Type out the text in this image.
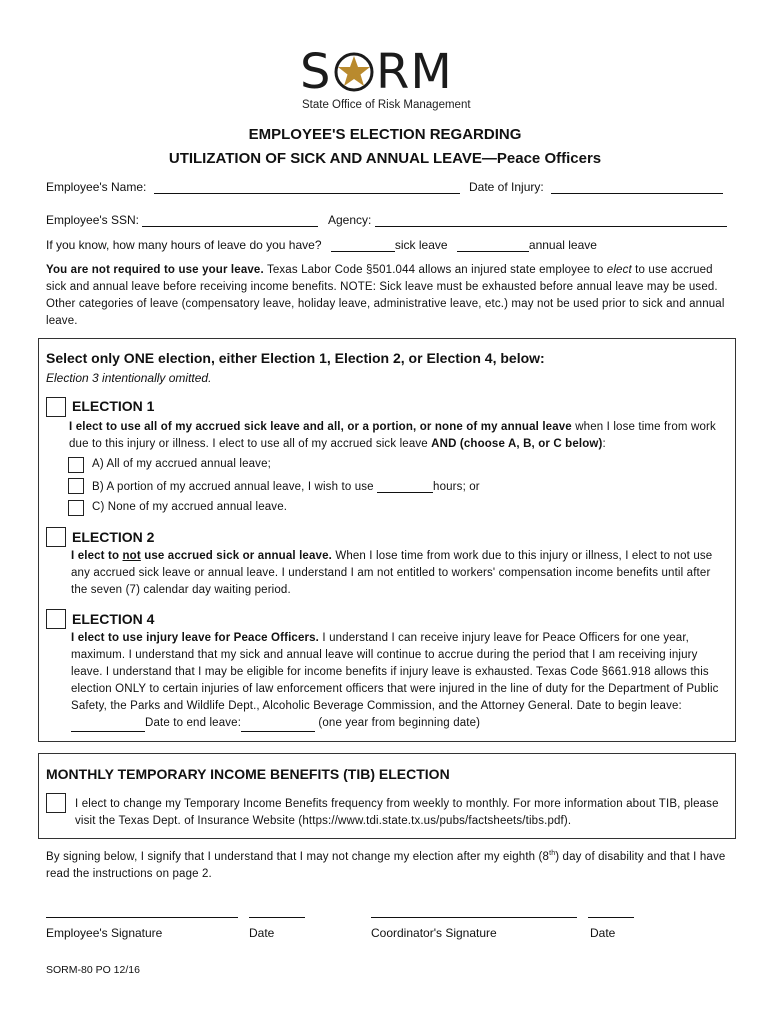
S RM
State Office of Risk Management
EMPLOYEE'S ELECTION REGARDING
UTILIZATION OF SICK AND ANNUAL LEAVE—Peace Officers
Employee's Name:	Date of Injury:
Employee's SSN:	Agency:
If you know, how many hours of leave do you have?	sick leave	annual leave

You are not required to use your leave. Texas Labor Code §501.044 allows an injured state employee to elect to use accrued sick and annual leave before receiving income benefits. NOTE: Sick leave must be exhausted before annual leave may be used. Other categories of leave (compensatory leave, holiday leave, administrative leave, etc.) may not be used prior to sick and annual leave.

Select only ONE election, either Election 1, Election 2, or Election 4, below:
Election 3 intentionally omitted.
ELECTION 1

I elect to use all of my accrued sick leave and all, or a portion, or none of my annual leave when I lose time from work due to this injury or illness. I elect to use all of my accrued sick leave AND (choose A, B, or C below):

A) All of my accrued annual leave;
B) A portion of my accrued annual leave, I wish to use	hours; or
C) None of my accrued annual leave.
ELECTION 2

I elect to not use accrued sick or annual leave. When I lose time from work due to this injury or illness, I elect to not use any accrued sick leave or annual leave. I understand I am not entitled to workers' compensation income benefits until after the seven (7) calendar day waiting period.

ELECTION 4

I elect to use injury leave for Peace Officers. I understand I can receive injury leave for Peace Officers for one year, maximum. I understand that my sick and annual leave will continue to accrue during the period that I am receiving injury leave. I understand that I may be eligible for income benefits if injury leave is exhausted. Texas Code §661.918 allows this election ONLY to certain injuries of law enforcement officers that were injured in the line of duty for the Department of Public Safety, the Parks and Wildlife Dept., Alcoholic Beverage Commission, and the Attorney General. Date to begin leave:Date to end leave:	(one year from beginning date)

MONTHLY TEMPORARY INCOME BENEFITS (TIB) ELECTION

I elect to change my Temporary Income Benefits frequency from weekly to monthly. For more information about TIB, please visit the Texas Dept. of Insurance Website (https://www.tdi.state.tx.us/pubs/factsheets/tibs.pdf).

By signing below, I signify that I understand that I may not change my election after my eighth (8th) day of disability and that I have read the instructions on page 2.

Employee's Signature	Date	Coordinator's Signature	Date
SORM-80 PO 12/16
